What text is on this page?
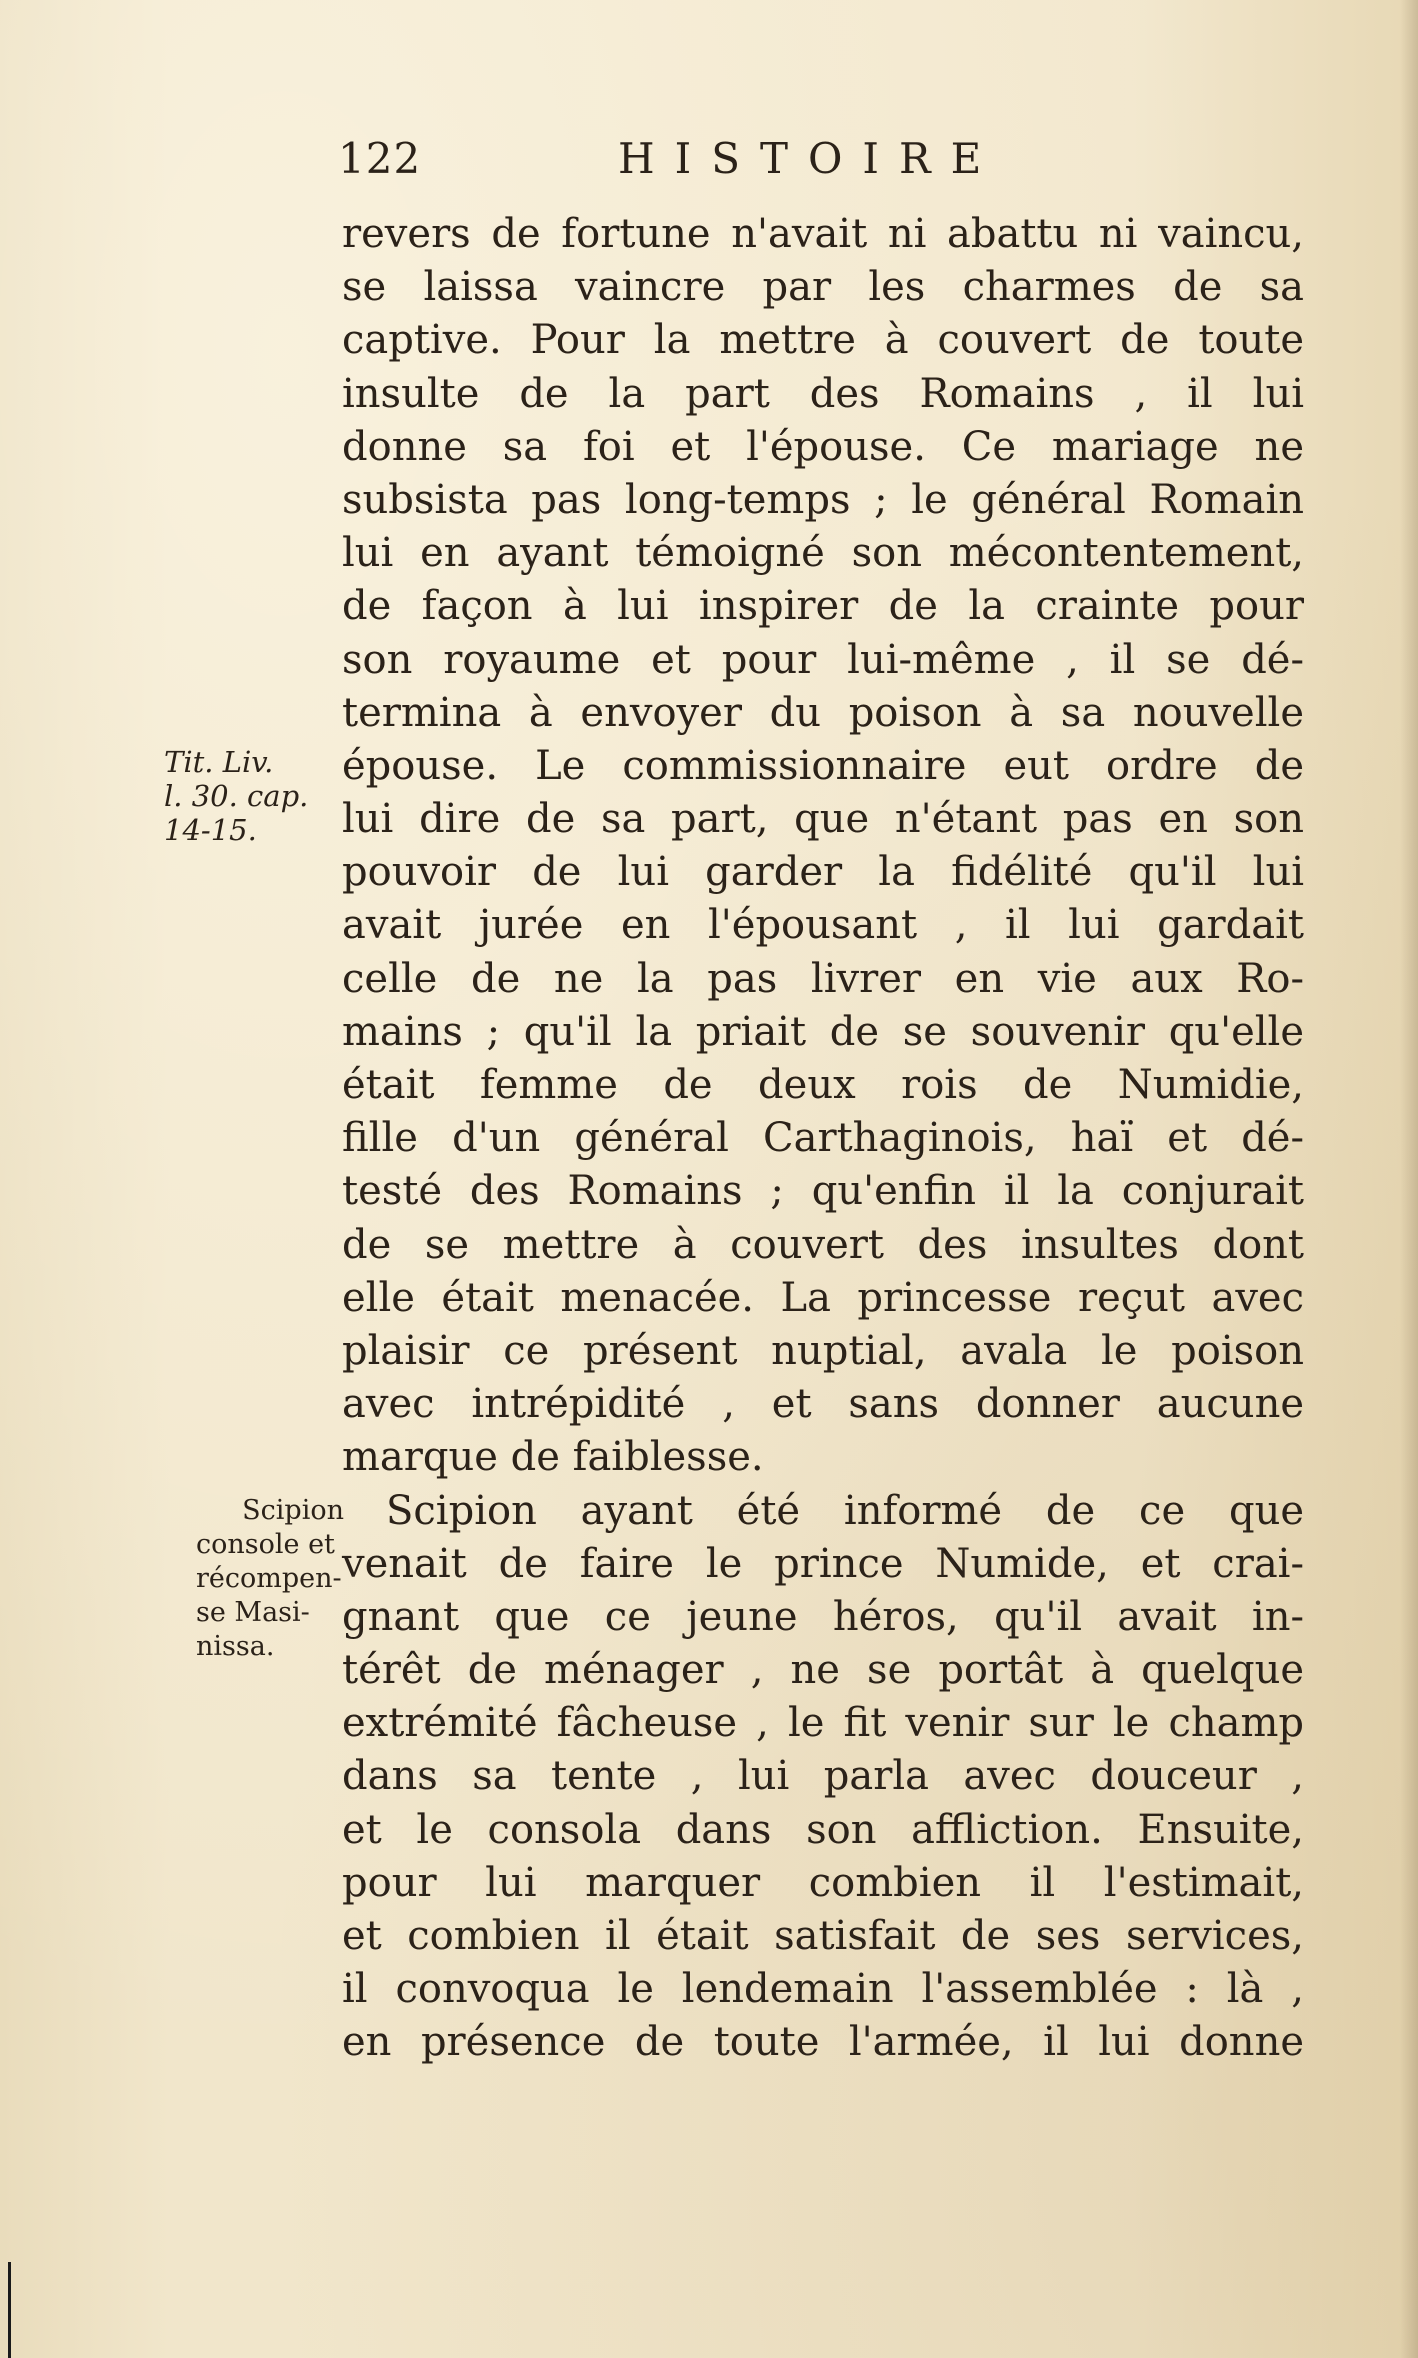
122	HISTOIRE
revers de fortune n'avait ni abattu ni vaincu,
se laissa vaincre par les charmes de sa
captive. Pour la mettre à couvert de toute
insulte de la part des Romains , il lui
donne sa foi et l'épouse. Ce mariage ne
subsista pas long-temps ; le général Romain
lui en ayant témoigné son mécontentement,
de façon à lui inspirer de la crainte pour
son royaume et pour lui-même , il se dé-
termina à envoyer du poison à sa nouvelle
épouse. Le commissionnaire eut ordre de
lui dire de sa part, que n'étant pas en son
pouvoir de lui garder la fidélité qu'il lui
avait jurée en l'épousant , il lui gardait
celle de ne la pas livrer en vie aux Ro-
mains ; qu'il la priait de se souvenir qu'elle
était femme de deux rois de Numidie,
fille d'un général Carthaginois, haï et dé-
testé des Romains ; qu'enfin il la conjurait
de se mettre à couvert des insultes dont
elle était menacée. La princesse reçut avec
plaisir ce présent nuptial, avala le poison
avec intrépidité , et sans donner aucune
marque de faiblesse.
Scipion ayant été informé de ce que
venait de faire le prince Numide, et crai-
gnant que ce jeune héros, qu'il avait in-
térêt de ménager , ne se portât à quelque
extrémité fâcheuse , le fit venir sur le champ
dans sa tente , lui parla avec douceur ,
et le consola dans son affliction. Ensuite,
pour lui marquer combien il l'estimait,
et combien il était satisfait de ses services,
il convoqua le lendemain l'assemblée : là ,
en présence de toute l'armée, il lui donne
Tit. Liv.
l. 30. cap.
14-15.
Scipion
console et
récompen-
se Masi-
nissa.
